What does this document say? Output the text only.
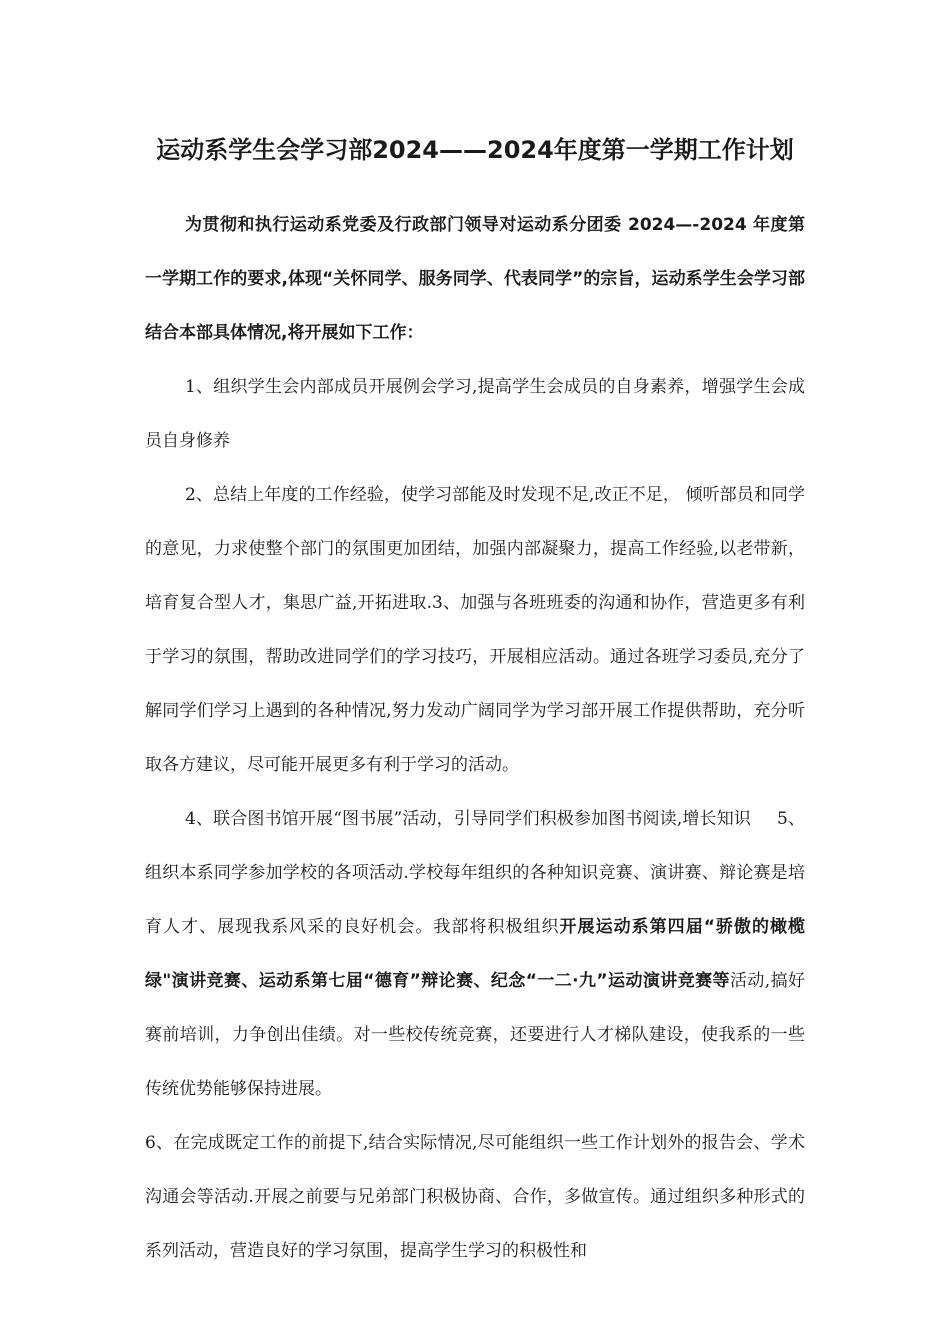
运动系学生会学习部2024——2024年度第一学期工作计划

为贯彻和执行运动系党委及行政部门领导对运动系分团委 2024—-2024 年度第一学期工作的要求,体现“关怀同学、服务同学、代表同学”的宗旨，运动系学生会学习部结合本部具体情况,将开展如下工作：

1、组织学生会内部成员开展例会学习,提高学生会成员的自身素养，增强学生会成员自身修养

2、总结上年度的工作经验，使学习部能及时发现不足,改正不足， 倾听部员和同学的意见，力求使整个部门的氛围更加团结，加强内部凝聚力，提高工作经验,以老带新，培育复合型人才，集思广益,开拓进取.3、加强与各班班委的沟通和协作，营造更多有利于学习的氛围，帮助改进同学们的学习技巧，开展相应活动。通过各班学习委员,充分了解同学们学习上遇到的各种情况,努力发动广阔同学为学习部开展工作提供帮助，充分听取各方建议，尽可能开展更多有利于学习的活动。

4、联合图书馆开展“图书展”活动，引导同学们积极参加图书阅读,增长知识 5、组织本系同学参加学校的各项活动.学校每年组织的各种知识竞赛、演讲赛、辩论赛是培育人才、展现我系风采的良好机会。我部将积极组织开展运动系第四届“骄傲的橄榄绿"演讲竞赛、运动系第七届“德育”辩论赛、纪念“一二·九”运动演讲竞赛等活动,搞好赛前培训，力争创出佳绩。对一些校传统竞赛，还要进行人才梯队建设，使我系的一些传统优势能够保持进展。

6、在完成既定工作的前提下,结合实际情况,尽可能组织一些工作计划外的报告会、学术沟通会等活动.开展之前要与兄弟部门积极协商、合作，多做宣传。通过组织多种形式的系列活动，营造良好的学习氛围，提高学生学习的积极性和
